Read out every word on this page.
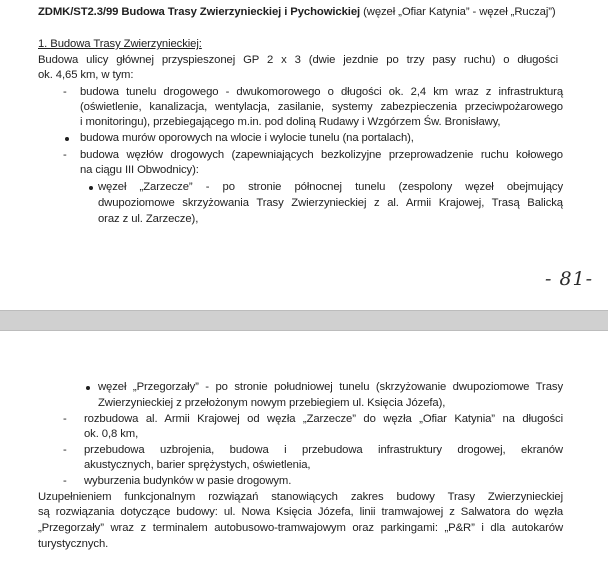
ZDMK/ST2.3/99 Budowa Trasy Zwierzynieckiej i Pychowickiej (węzeł „Ofiar Katynia” - węzeł „Ruczaj”)
1. Budowa Trasy Zwierzynieckiej:
Budowa ulicy głównej przyspieszonej GP 2 x 3 (dwie jezdnie po trzy pasy ruchu) o długości
ok. 4,65 km, w tym:
- budowa tunelu drogowego - dwukomorowego o długości ok. 2,4 km wraz z infrastrukturą
(oświetlenie, kanalizacja, wentylacja, zasilanie, systemy zabezpieczenia przeciwpożarowego
i monitoringu), przebiegającego m.in. pod doliną Rudawy i Wzgórzem Św. Bronisławy,
budowa murów oporowych na wlocie i wylocie tunelu (na portalach),
- budowa węzłów drogowych (zapewniających bezkolizyjne przeprowadzenie ruchu kołowego
na ciągu III Obwodnicy):
węzeł „Zarzecze” - po stronie północnej tunelu (zespolony węzeł obejmujący
dwupoziomowe skrzyżowania Trasy Zwierzynieckiej z al. Armii Krajowej, Trasą Balicką
oraz z ul. Zarzecze),
- 81-
węzeł „Przegorzały” - po stronie południowej tunelu (skrzyżowanie dwupoziomowe Trasy
Zwierzynieckiej z przełożonym nowym przebiegiem ul. Księcia Józefa),
- rozbudowa al. Armii Krajowej od węzła „Zarzecze” do węzła „Ofiar Katynia” na długości
ok. 0,8 km,
- przebudowa uzbrojenia, budowa i przebudowa infrastruktury drogowej, ekranów
akustycznych, barier sprężystych, oświetlenia,
- wyburzenia budynków w pasie drogowym.
Uzupełnieniem funkcjonalnym rozwiązań stanowiących zakres budowy Trasy Zwierzynieckiej
są rozwiązania dotyczące budowy: ul. Nowa Księcia Józefa, linii tramwajowej z Salwatora do węzła
„Przegorzały” wraz z terminalem autobusowo-tramwajowym oraz parkingami: „P&R” i dla autokarów
turystycznych.
